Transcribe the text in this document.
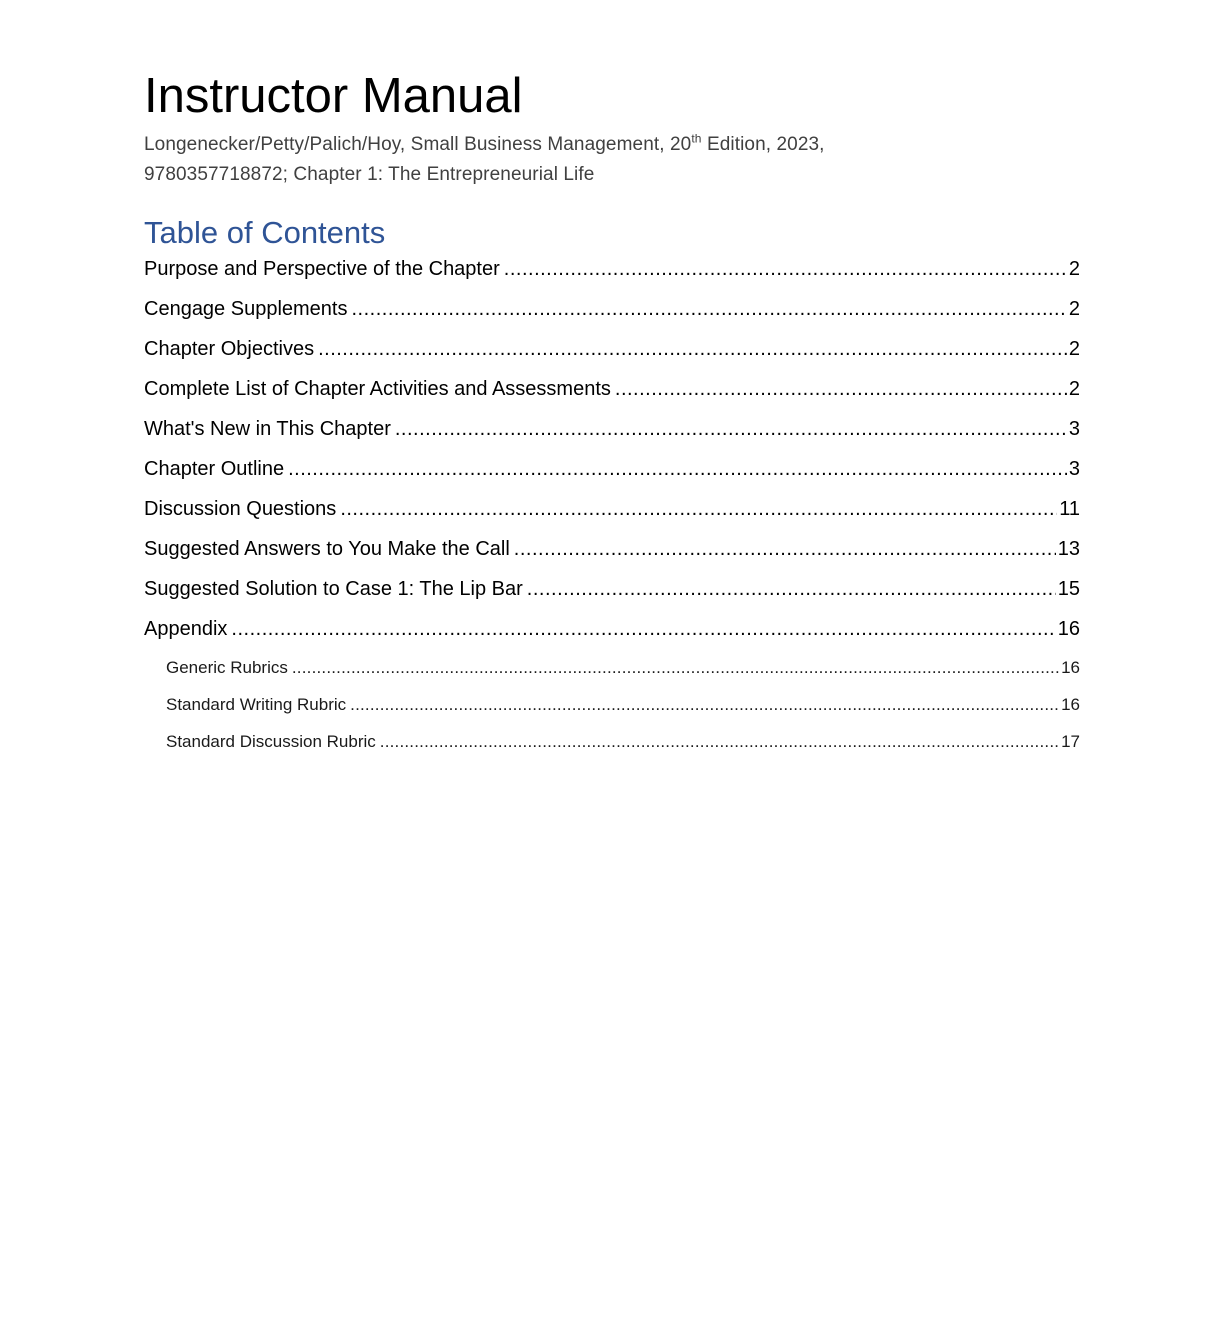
Instructor Manual
Longenecker/Petty/Palich/Hoy, Small Business Management, 20th Edition, 2023,
9780357718872; Chapter 1: The Entrepreneurial Life
Table of Contents
Purpose and Perspective of the Chapter .....	2
Cengage Supplements .....	2
Chapter Objectives .....	2
Complete List of Chapter Activities and Assessments .....	2
What's New in This Chapter .....	3
Chapter Outline .....	3
Discussion Questions .....	11
Suggested Answers to You Make the Call .....	13
Suggested Solution to Case 1: The Lip Bar .....	15
Appendix .....	16
Generic Rubrics .....	16
Standard Writing Rubric .....	16
Standard Discussion Rubric .....	17
